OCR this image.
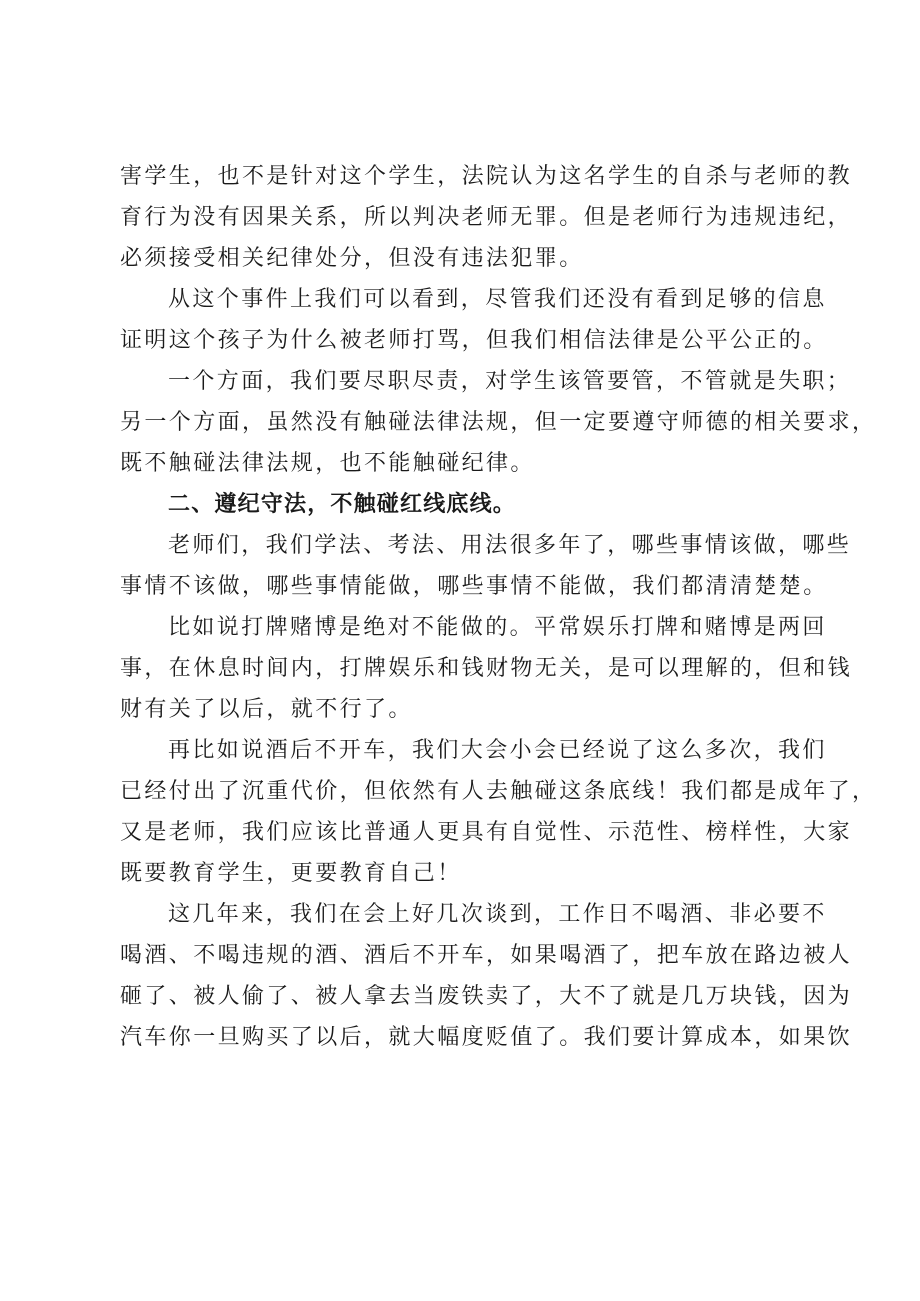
害学生，也不是针对这个学生，法院认为这名学生的自杀与老师的教
育行为没有因果关系，所以判决老师无罪。但是老师行为违规违纪，
必须接受相关纪律处分，但没有违法犯罪。
从这个事件上我们可以看到，尽管我们还没有看到足够的信息
证明这个孩子为什么被老师打骂，但我们相信法律是公平公正的。
一个方面，我们要尽职尽责，对学生该管要管，不管就是失职；
另一个方面，虽然没有触碰法律法规，但一定要遵守师德的相关要求，
既不触碰法律法规，也不能触碰纪律。
二、遵纪守法，不触碰红线底线。
老师们，我们学法、考法、用法很多年了，哪些事情该做，哪些
事情不该做，哪些事情能做，哪些事情不能做，我们都清清楚楚。
比如说打牌赌博是绝对不能做的。平常娱乐打牌和赌博是两回
事，在休息时间内，打牌娱乐和钱财物无关，是可以理解的，但和钱
财有关了以后，就不行了。
再比如说酒后不开车，我们大会小会已经说了这么多次，我们
已经付出了沉重代价，但依然有人去触碰这条底线！我们都是成年了，
又是老师，我们应该比普通人更具有自觉性、示范性、榜样性，大家
既要教育学生，更要教育自己！
这几年来，我们在会上好几次谈到，工作日不喝酒、非必要不
喝酒、不喝违规的酒、酒后不开车，如果喝酒了，把车放在路边被人
砸了、被人偷了、被人拿去当废铁卖了，大不了就是几万块钱，因为
汽车你一旦购买了以后，就大幅度贬值了。我们要计算成本，如果饮
